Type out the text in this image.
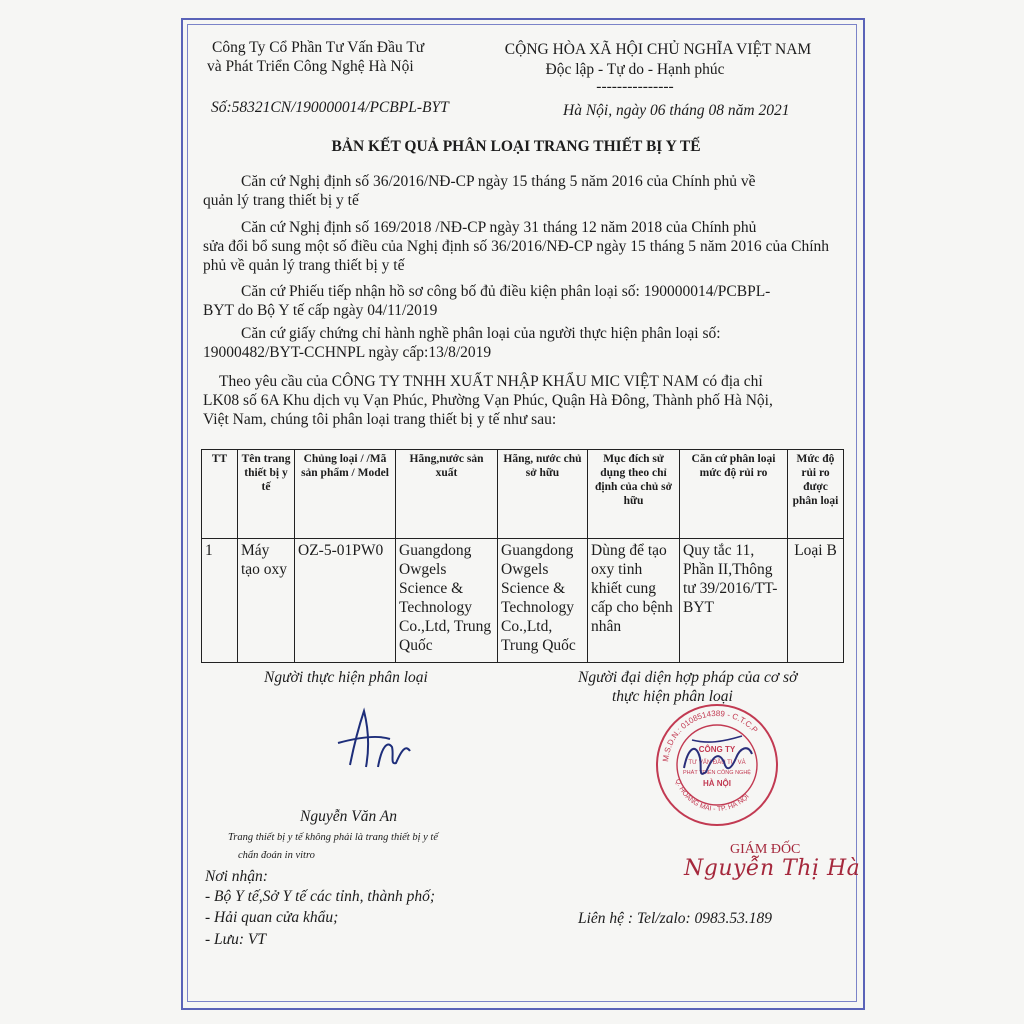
Công Ty Cổ Phần Tư Vấn Đầu Tư
và Phát Triển Công Nghệ Hà Nội
CỘNG HÒA XÃ HỘI CHỦ NGHĨA VIỆT NAM
Độc lập - Tự do - Hạnh phúc
---------------
Số:58321CN/190000014/PCBPL-BYT	Hà Nội, ngày 06 tháng 08 năm 2021
BẢN KẾT QUẢ PHÂN LOẠI TRANG THIẾT BỊ Y TẾ

Căn cứ Nghị định số 36/2016/NĐ-CP ngày 15 tháng 5 năm 2016 của Chính phủ về

quản lý trang thiết bị y tế

Căn cứ Nghị định số 169/2018 /NĐ-CP ngày 31 tháng 12 năm 2018 của Chính phủ

sửa đổi bổ sung một số điều của Nghị định số 36/2016/NĐ-CP ngày 15 tháng 5 năm 2016 của Chính phủ về quản lý trang thiết bị y tế

Căn cứ Phiếu tiếp nhận hồ sơ công bố đủ điều kiện phân loại số: 190000014/PCBPL-

BYT do Bộ Y tế cấp ngày 04/11/2019

Căn cứ giấy chứng chỉ hành nghề phân loại của người thực hiện phân loại số:

19000482/BYT-CCHNPL ngày cấp:13/8/2019

Theo yêu cầu của CÔNG TY TNHH XUẤT NHẬP KHẨU MIC VIỆT NAM có địa chỉ

LK08 số 6A Khu dịch vụ Vạn Phúc, Phường Vạn Phúc, Quận Hà Đông, Thành phố Hà Nội,

Việt Nam, chúng tôi phân loại trang thiết bị y tế như sau:

TT	Tên trang thiết bị y tế	Chủng loại / /Mã sản phẩm / Model	Hãng,nước sản xuất	Hãng, nước chủ sở hữu	Mục đích sử dụng theo chỉ định của chủ sở hữu	Căn cứ phân loại mức độ rủi ro	Mức độ rủi ro được phân loại
1	Máy tạo oxy	OZ-5-01PW0	Guangdong Owgels Science & Technology Co.,Ltd, Trung Quốc	Guangdong Owgels Science & Technology Co.,Ltd, Trung Quốc	Dùng để tạo oxy tinh khiết cung cấp cho bệnh nhân	Quy tắc 11, Phần II,Thông tư 39/2016/TT-BYT	Loại B
Người thực hiện phân loại	Người đại diện hợp pháp của cơ sở
thực hiện phân loại
Nguyễn Văn An
Trang thiết bị y tế không phải là trang thiết bị y tế
chẩn đoán in vitro
M.S.D.N.: 0108514389 - C.T.C.P
Q. HOÀNG MAI - TP. HÀ NỘI
CÔNG TY
TƯ VẤN ĐẦU TƯ VÀ
PHÁT TRIỂN CÔNG NGHỆ
HÀ NỘI
GIÁM ĐỐC
Nguyễn Thị Hà
Nơi nhận:
- Bộ Y tế,Sở Y tế các tỉnh, thành phố;
- Hải quan cửa khẩu;
- Lưu: VT
Liên hệ : Tel/zalo: 0983.53.189
